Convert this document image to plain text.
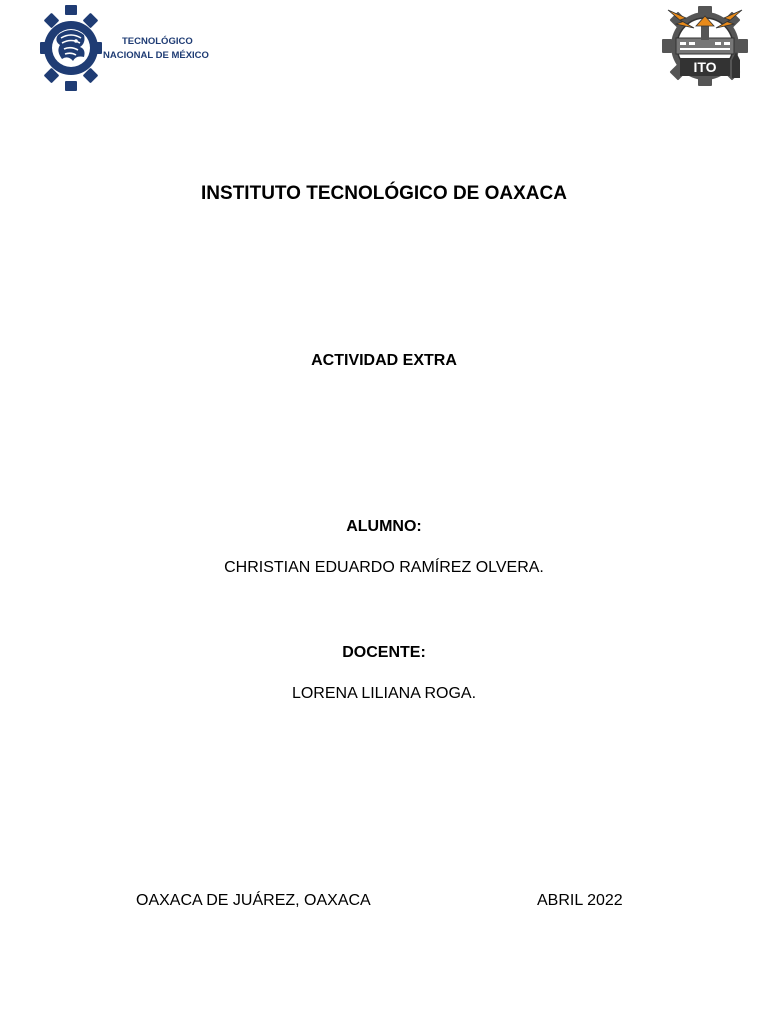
TECNOLÓGICO
NACIONAL DE MÉXICO
ITO
INSTITUTO TECNOLÓGICO DE OAXACA
ACTIVIDAD EXTRA
ALUMNO:
CHRISTIAN EDUARDO RAMÍREZ OLVERA.
DOCENTE:
LORENA LILIANA ROGA.
OAXACA DE JUÁREZ, OAXACA	ABRIL 2022
